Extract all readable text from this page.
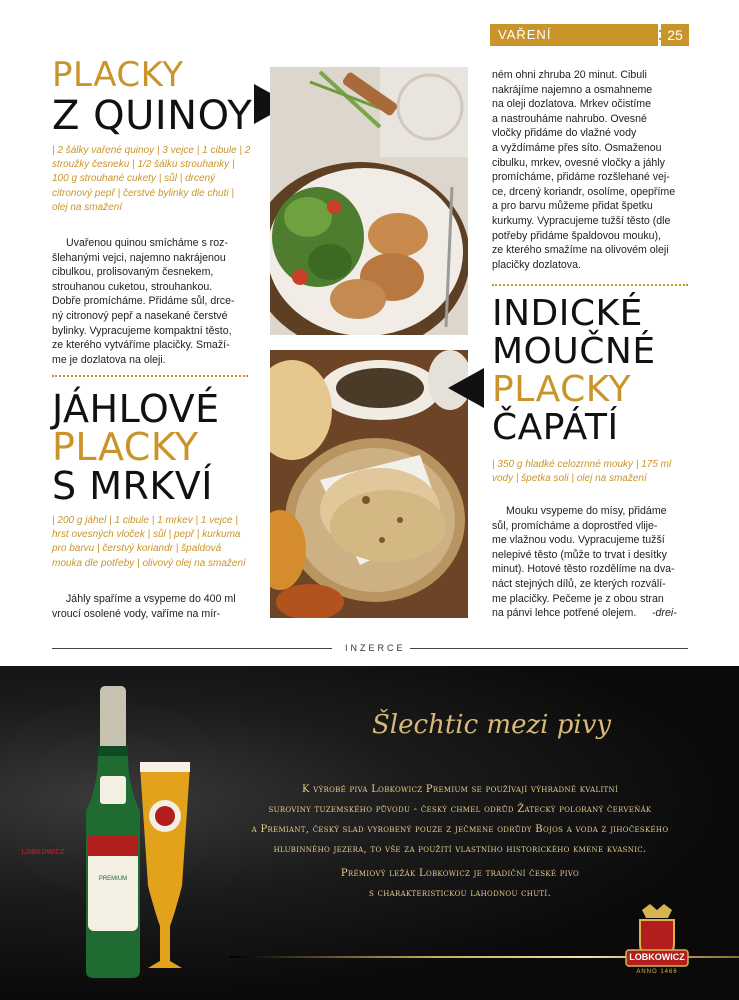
VAŘENÍ	25
PLACKY
Z QUINOY
| 2 šálky vařené quinoy | 3 vejce | 1 cibule | 2 stroužky česneku | 1/2 šálku strouhanky | 100 g strouhané cukety | sůl | drcený citronový pepř | čerstvé bylinky dle chuti | olej na smažení
Uvařenou quinou smícháme s roz-
šlehanými vejci, najemno nakrájenou
cibulkou, prolisovaným česnekem,
strouhanou cuketou, strouhankou.
Dobře promícháme. Přidáme sůl, drce-
ný citronový pepř a nasekané čerstvé
bylinky. Vypracujeme kompaktní těsto,
ze kterého vytváříme placičky. Smaží-
me je dozlatova na oleji.
JÁHLOVÉ
PLACKY
S MRKVÍ
| 200 g jáhel | 1 cibule | 1 mrkev | 1 vejce | hrst ovesných vloček | sůl | pepř | kurkuma pro barvu | čerstvý koriandr | špaldová mouka dle potřeby | olivový olej na smažení
Jáhly spaříme a vsypeme do 400 ml
vroucí osolené vody, vaříme na mír-
ném ohni zhruba 20 minut. Cibuli
nakrájíme najemno a osmahneme
na oleji dozlatova. Mrkev očistíme
a nastrouháme nahrubo. Ovesné
vločky přidáme do vlažné vody
a vyždímáme přes síto. Osmaženou
cibulku, mrkev, ovesné vločky a jáhly
promícháme, přidáme rozšlehané vej-
ce, drcený koriandr, osolíme, opepříme
a pro barvu můžeme přidat špetku
kurkumy. Vypracujeme tužší těsto (dle
potřeby přidáme špaldovou mouku),
ze kterého smažíme na olivovém oleji
placičky dozlatova.
INDICKÉ
MOUČNÉ
PLACKY
ČAPÁTÍ
| 350 g hladké celozrnné mouky | 175 ml vody | špetka soli | olej na smažení
Mouku vsypeme do mísy, přidáme
sůl, promícháme a doprostřed vlije-
me vlažnou vodu. Vypracujeme tužší
nelepivé těsto (může to trvat i desítky
minut). Hotové těsto rozdělíme na dva-
náct stejných dílů, ze kterých rozválí-
me placičky. Pečeme je z obou stran
na pánvi lehce potřené olejem.	-drei-
INZERCE
LOBKOWICZ
PREMIUM
Šlechtic mezi pivy
K výrobě piva Lobkowicz Premium se používají výhradně kvalitní
suroviny tuzemského původu - český chmel odrůd Žatecký poloraný červeňák
a Premiant, český slad vyrobený pouze z ječmene odrůdy Bojos a voda z jihočeského
hlubinného jezera, to vše za použití vlastního historického kmene kvasnic.
Prémiový ležák Lobkowicz je tradiční české pivo
s charakteristickou lahodnou chutí.
LOBKOWICZ
ANNO 1466
